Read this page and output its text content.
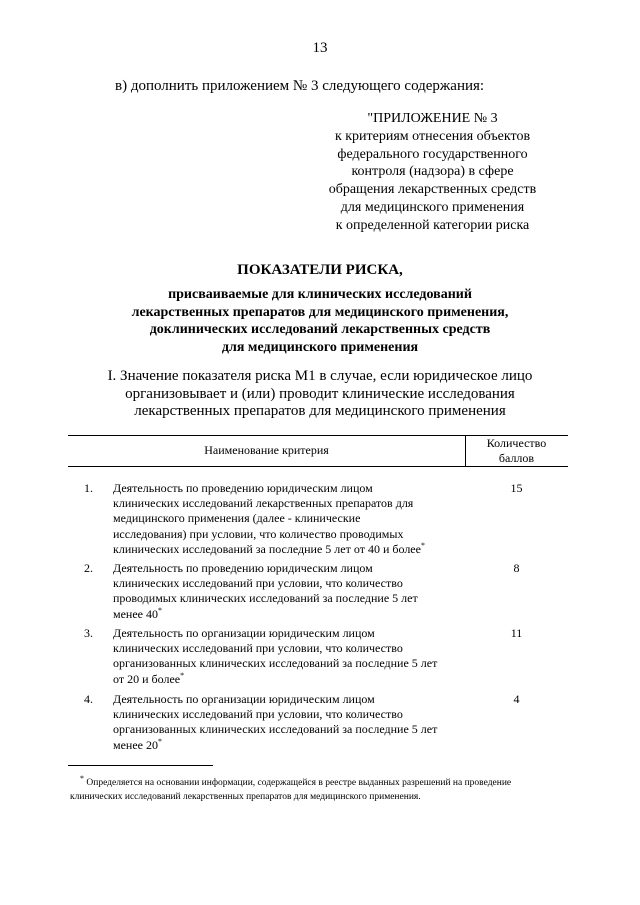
13
в) дополнить приложением № 3 следующего содержания:
"ПРИЛОЖЕНИЕ № 3
к критериям отнесения объектов
федерального государственного
контроля (надзора) в сфере
обращения лекарственных средств
для медицинского применения
к определенной категории риска
ПОКАЗАТЕЛИ РИСКА,
присваиваемые для клинических исследований
лекарственных препаратов для медицинского применения,
доклинических исследований лекарственных средств
для медицинского применения
I. Значение показателя риска М1 в случае, если юридическое лицо
организовывает и (или) проводит клинические исследования
лекарственных препаратов для медицинского применения
Наименование критерия	Количество
баллов
1. Деятельность по проведению юридическим лицом
клинических исследований лекарственных препаратов для
медицинского применения (далее - клинические
исследования) при условии, что количество проводимых
клинических исследований за последние 5 лет от 40 и более*
15
2. Деятельность по проведению юридическим лицом
клинических исследований при условии, что количество
проводимых клинических исследований за последние 5 лет
менее 40*
8
3. Деятельность по организации юридическим лицом
клинических исследований при условии, что количество
организованных клинических исследований за последние 5 лет
от 20 и более*
11
4. Деятельность по организации юридическим лицом
клинических исследований при условии, что количество
организованных клинических исследований за последние 5 лет
менее 20*
4
* Определяется на основании информации, содержащейся в реестре выданных разрешений на проведение
клинических исследований лекарственных препаратов для медицинского применения.
